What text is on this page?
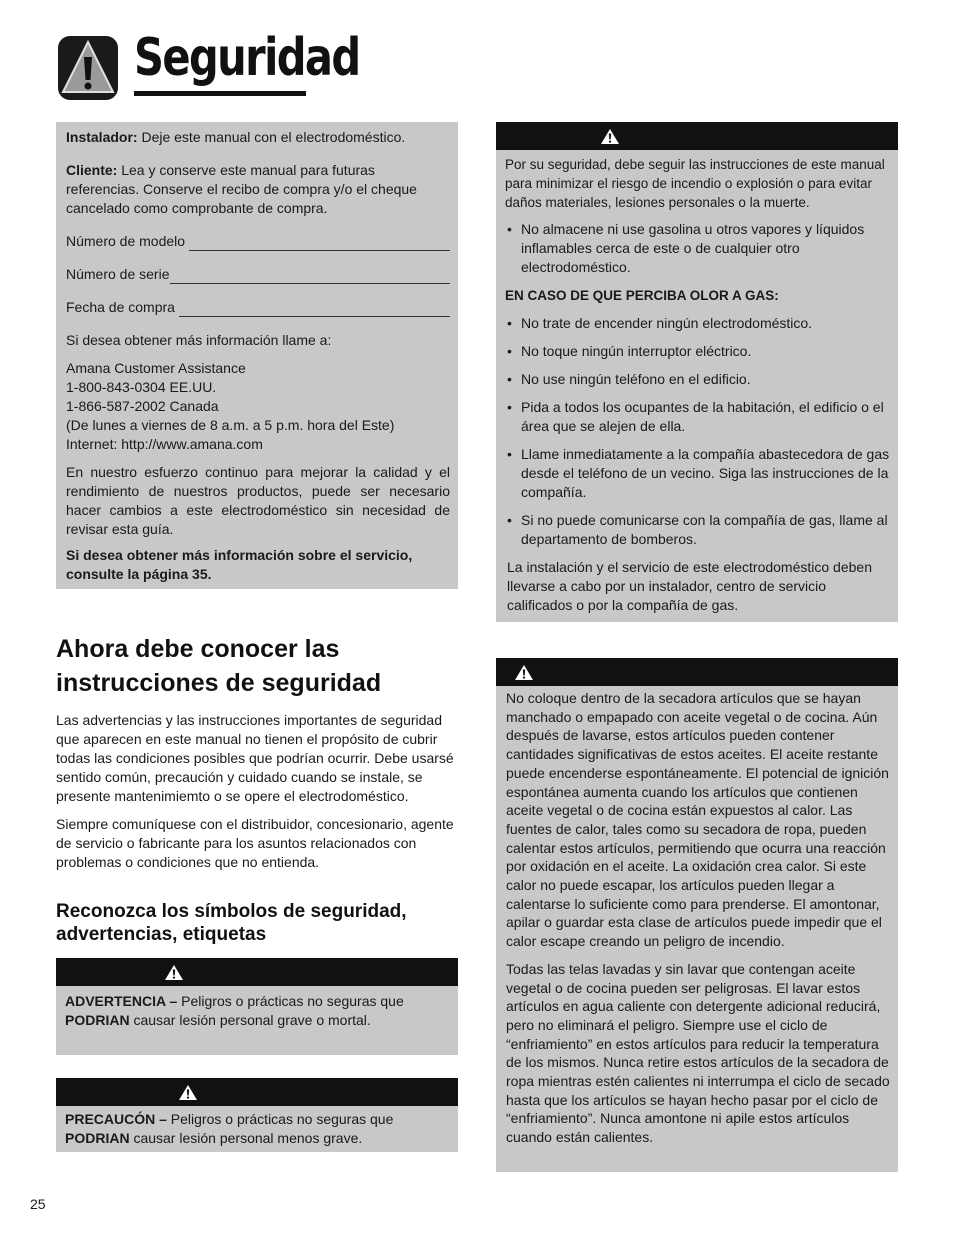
Seguridad

Instalador: Deje este manual con el electrodoméstico.

Cliente: Lea y conserve este manual para futuras referencias. Conserve el recibo de compra y/o el cheque cancelado como comprobante de compra.

Número de modelo
Número de serie
Fecha de compra

Si desea obtener más información llame a:

Amana Customer Assistance

1-800-843-0304 EE.UU.

1-866-587-2002 Canada

(De lunes a viernes de 8 a.m. a 5 p.m. hora del Este)

Internet: http://www.amana.com

En nuestro esfuerzo continuo para mejorar la calidad y el rendimiento de nuestros productos, puede ser necesario hacer cambios a este electrodoméstico sin necesidad de revisar esta guía.

Si desea obtener más información sobre el servicio, consulte la página 35.

Por su seguridad, debe seguir las instrucciones de este manual para minimizar el riesgo de incendio o explosión o para evitar daños materiales, lesiones personales o la muerte.

• No almacene ni use gasolina u otros vapores y líquidos inflamables cerca de este o de cualquier otro electrodoméstico.

EN CASO DE QUE PERCIBA OLOR A GAS:

• No trate de encender ningún electrodoméstico.
• No toque ningún interruptor eléctrico.
• No use ningún teléfono en el edificio.
• Pida a todos los ocupantes de la habitación, el edificio o el área que se alejen de ella.
• Llame inmediatamente a la compañía abastecedora de gas desde el teléfono de un vecino. Siga las instrucciones de la compañía.
• Si no puede comunicarse con la compañía de gas, llame al departamento de bomberos.

La instalación y el servicio de este electrodoméstico deben llevarse a cabo por un instalador, centro de servicio calificados o por la compañía de gas.

No coloque dentro de la secadora artículos que se hayan manchado o empapado con aceite vegetal o de cocina. Aún después de lavarse, estos artículos pueden contener cantidades significativas de estos aceites. El aceite restante puede encenderse espontáneamente. El potencial de ignición espontánea aumenta cuando los artículos que contienen aceite vegetal o de cocina están expuestos al calor. Las fuentes de calor, tales como su secadora de ropa, pueden calentar estos artículos, permitiendo que ocurra una reacción por oxidación en el aceite. La oxidación crea calor. Si este calor no puede escapar, los artículos pueden llegar a calentarse lo suficiente como para prenderse. El amontonar, apilar o guardar esta clase de artículos puede impedir que el calor escape creando un peligro de incendio.

Todas las telas lavadas y sin lavar que contengan aceite vegetal o de cocina pueden ser peligrosas. El lavar estos artículos en agua caliente con detergente adicional reducirá, pero no eliminará el peligro. Siempre use el ciclo de “enfriamiento” en estos artículos para reducir la temperatura de los mismos. Nunca retire estos artículos de la secadora de ropa mientras estén calientes ni interrumpa el ciclo de secado hasta que los artículos se hayan hecho pasar por el ciclo de “enfriamiento”. Nunca amontone ni apile estos artículos cuando están calientes.

Ahora debe conocer las instrucciones de seguridad

Las advertencias y las instrucciones importantes de seguridad que aparecen en este manual no tienen el propósito de cubrir todas las condiciones posibles que podrían ocurrir. Debe usarsé sentido común, precaución y cuidado cuando se instale, se presente mantenimiemto o se opere el electrodoméstico.

Siempre comuníquese con el distribuidor, concesionario, agente de servicio o fabricante para los asuntos relacionados con problemas o condiciones que no entienda.

Reconozca los símbolos de seguridad, advertencias, etiquetas

ADVERTENCIA – Peligros o prácticas no seguras que PODRIAN causar lesión personal grave o mortal.

PRECAUCÓN – Peligros o prácticas no seguras que PODRIAN causar lesión personal menos grave.

25
